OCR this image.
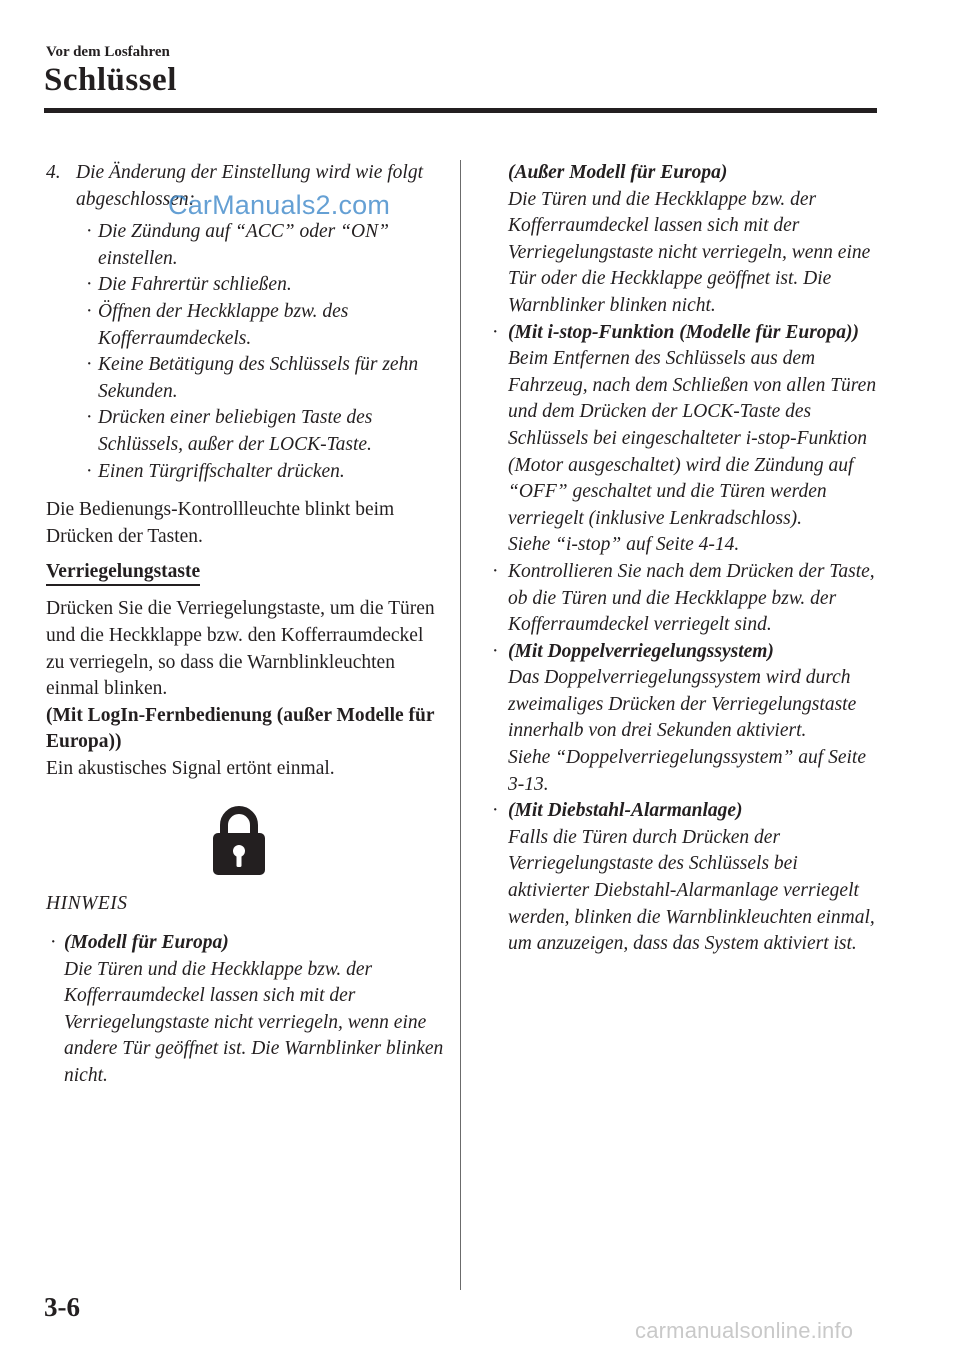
Vor dem Losfahren
Schlüssel
4. Die Änderung der Einstellung wird wie folgt abgeschlossen:
· Die Zündung auf “ACC” oder “ON” einstellen.
· Die Fahrertür schließen.
· Öffnen der Heckklappe bzw. des Kofferraumdeckels.
· Keine Betätigung des Schlüssels für zehn Sekunden.
· Drücken einer beliebigen Taste des Schlüssels, außer der LOCK-Taste.
· Einen Türgriffschalter drücken.
Die Bedienungs-Kontrollleuchte blinkt beim Drücken der Tasten.
Verriegelungstaste
Drücken Sie die Verriegelungstaste, um die Türen und die Heckklappe bzw. den Kofferraumdeckel zu verriegeln, so dass die Warnblinkleuchten einmal blinken.
(Mit LogIn-Fernbedienung (außer Modelle für Europa))
Ein akustisches Signal ertönt einmal.
HINWEIS
· (Modell für Europa)
Die Türen und die Heckklappe bzw. der Kofferraumdeckel lassen sich mit der Verriegelungstaste nicht verriegeln, wenn eine andere Tür geöffnet ist. Die Warnblinker blinken nicht.
(Außer Modell für Europa)
Die Türen und die Heckklappe bzw. der Kofferraumdeckel lassen sich mit der Verriegelungstaste nicht verriegeln, wenn eine Tür oder die Heckklappe geöffnet ist. Die Warnblinker blinken nicht.
· (Mit i-stop-Funktion (Modelle für Europa))
Beim Entfernen des Schlüssels aus dem Fahrzeug, nach dem Schließen von allen Türen und dem Drücken der LOCK-Taste des Schlüssels bei eingeschalteter i-stop-Funktion (Motor ausgeschaltet) wird die Zündung auf “OFF” geschaltet und die Türen werden verriegelt (inklusive Lenkradschloss).
Siehe “i-stop” auf Seite 4-14.
· Kontrollieren Sie nach dem Drücken der Taste, ob die Türen und die Heckklappe bzw. der Kofferraumdeckel verriegelt sind.
· (Mit Doppelverriegelungssystem)
Das Doppelverriegelungssystem wird durch zweimaliges Drücken der Verriegelungstaste innerhalb von drei Sekunden aktiviert.
Siehe “Doppelverriegelungssystem” auf Seite 3-13.
· (Mit Diebstahl-Alarmanlage)
Falls die Türen durch Drücken der Verriegelungstaste des Schlüssels bei aktivierter Diebstahl-Alarmanlage verriegelt werden, blinken die Warnblinkleuchten einmal, um anzuzeigen, dass das System aktiviert ist.
CarManuals2.com
3-6
carmanualsonline.info
